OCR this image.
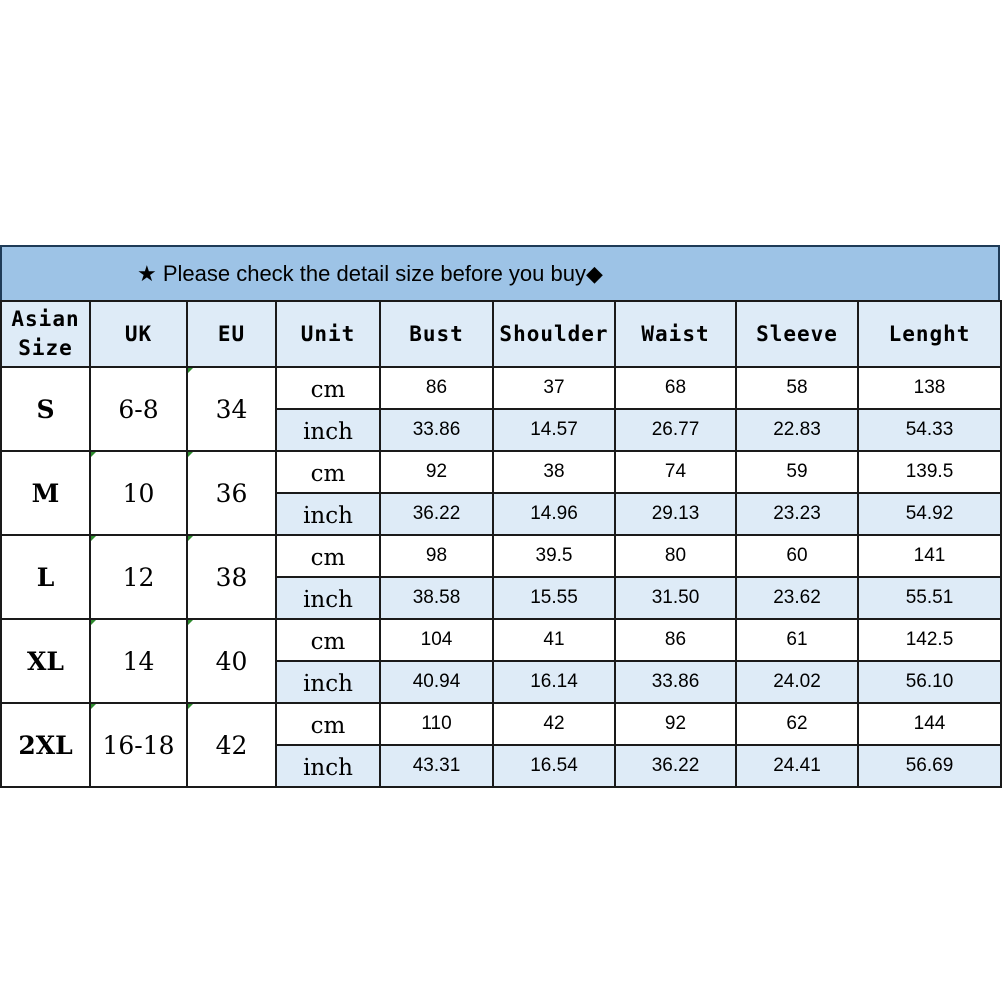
★ Please check the detail size before you buy◆
Asian
Size	UK	EU	Unit	Bust	Shoulder	Waist	Sleeve	Lenght
S	6-8	34	cm	86	37	68	58	138
			inch	33.86	14.57	26.77	22.83	54.33
M	10	36	cm	92	38	74	59	139.5
			inch	36.22	14.96	29.13	23.23	54.92
L	12	38	cm	98	39.5	80	60	141
			inch	38.58	15.55	31.50	23.62	55.51
XL	14	40	cm	104	41	86	61	142.5
			inch	40.94	16.14	33.86	24.02	56.10
2XL	16-18	42	cm	110	42	92	62	144
			inch	43.31	16.54	36.22	24.41	56.69
